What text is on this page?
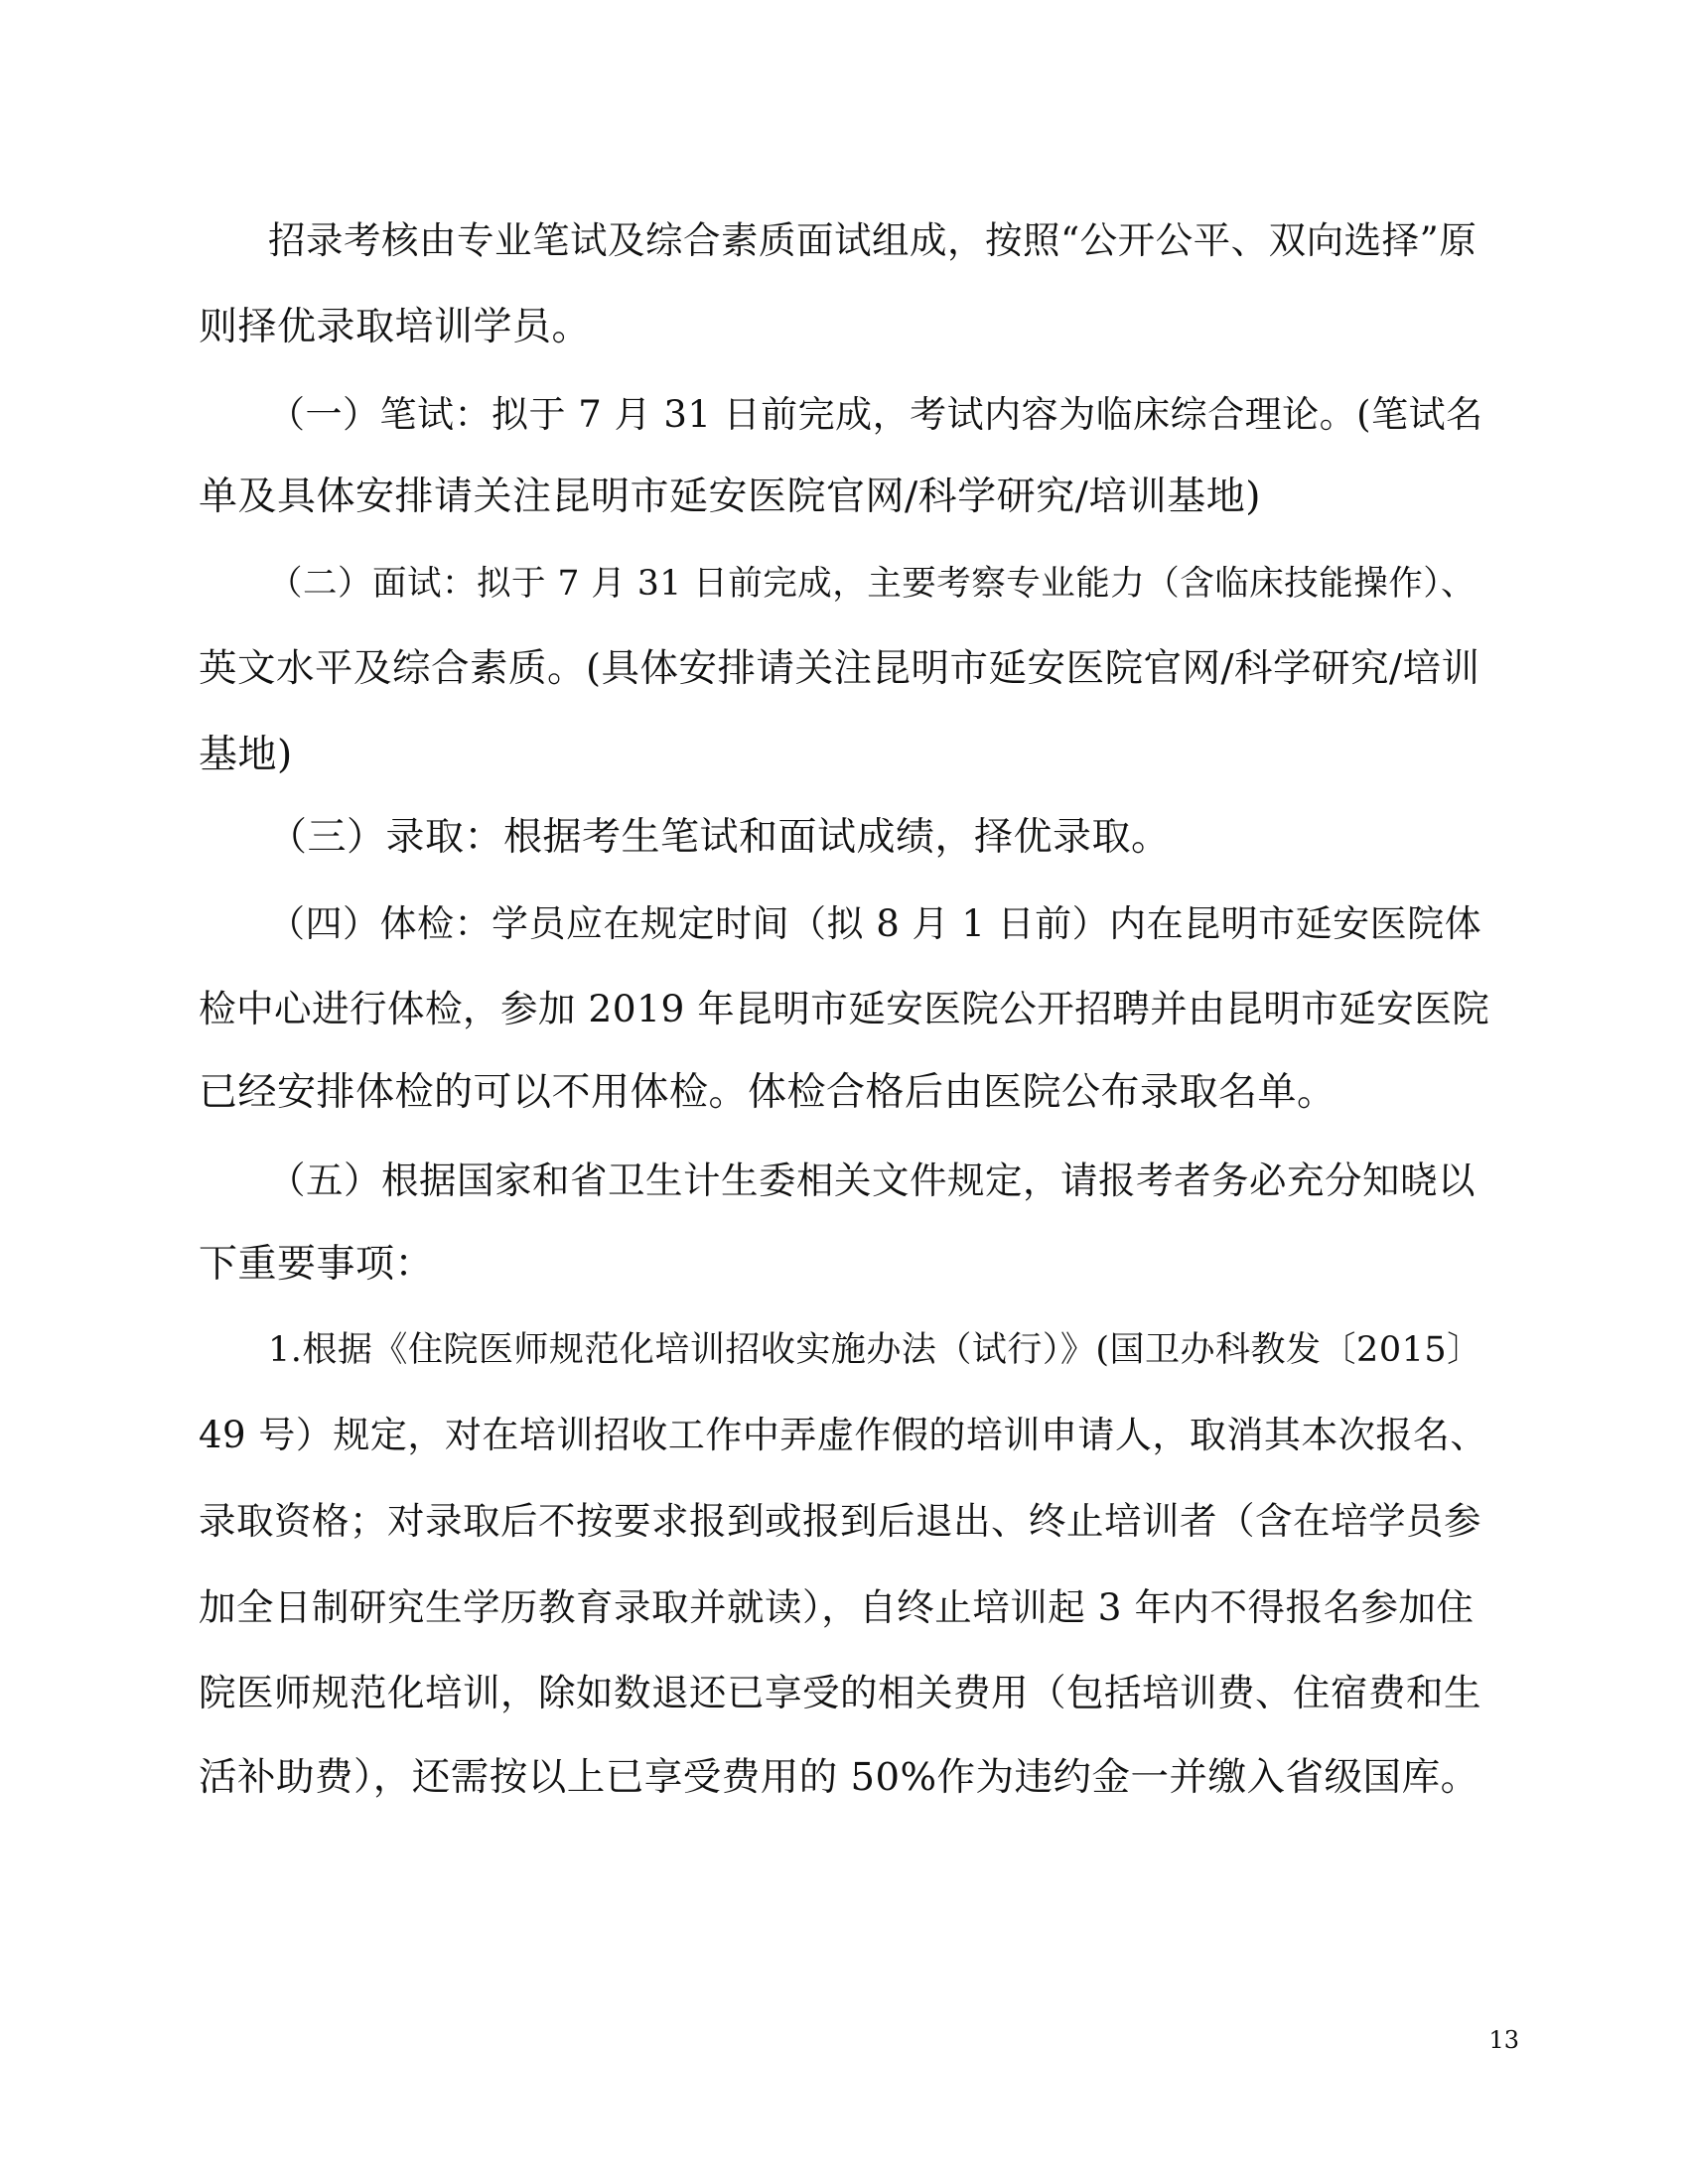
招录考核由专业笔试及综合素质面试组成，按照“公开公平、双向选择”原
则择优录取培训学员。
（一）笔试：拟于 7 月 31 日前完成，考试内容为临床综合理论。(笔试名
单及具体安排请关注昆明市延安医院官网/科学研究/培训基地)
（二）面试：拟于 7 月 31 日前完成，主要考察专业能力（含临床技能操作）、
英文水平及综合素质。(具体安排请关注昆明市延安医院官网/科学研究/培训
基地)
（三）录取：根据考生笔试和面试成绩，择优录取。
（四）体检：学员应在规定时间（拟 8 月 1 日前）内在昆明市延安医院体
检中心进行体检，参加 2019 年昆明市延安医院公开招聘并由昆明市延安医院
已经安排体检的可以不用体检。体检合格后由医院公布录取名单。
（五）根据国家和省卫生计生委相关文件规定，请报考者务必充分知晓以
下重要事项：
1.根据《住院医师规范化培训招收实施办法（试行）》(国卫办科教发〔2015〕
49 号）规定，对在培训招收工作中弄虚作假的培训申请人，取消其本次报名、
录取资格；对录取后不按要求报到或报到后退出、终止培训者（含在培学员参
加全日制研究生学历教育录取并就读），自终止培训起 3 年内不得报名参加住
院医师规范化培训，除如数退还已享受的相关费用（包括培训费、住宿费和生
活补助费），还需按以上已享受费用的 50%作为违约金一并缴入省级国库。
13
